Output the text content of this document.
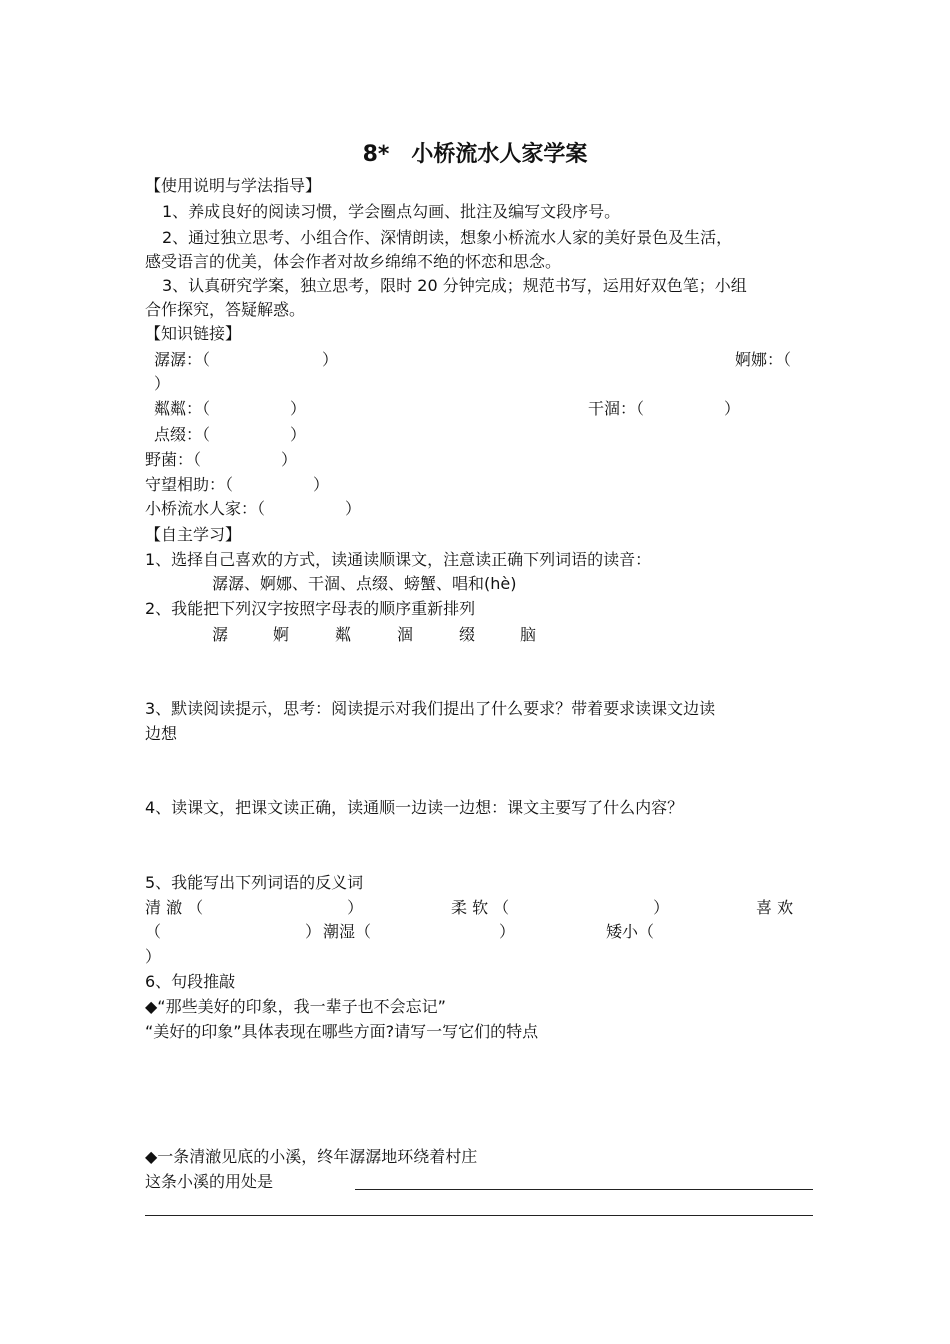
8*　小桥流水人家学案
【使用说明与学法指导】
1、养成良好的阅读习惯，学会圈点勾画、批注及编写文段序号。
2、通过独立思考、小组合作、深情朗读，想象小桥流水人家的美好景色及生活，
感受语言的优美，体会作者对故乡绵绵不绝的怀恋和思念。
3、认真研究学案，独立思考，限时 20 分钟完成；规范书写，运用好双色笔；小组
合作探究，答疑解惑。
【知识链接】
潺潺：（　　　　　　　）	婀娜：（
）
粼粼：（　　　　　）	干涸：（　　　　　）
点缀：（　　　　　）
野菌：（　　　　　）
守望相助：（　　　　　）
小桥流水人家：（　　　　　）
【自主学习】
1、选择自己喜欢的方式，读通读顺课文，注意读正确下列词语的读音：
潺潺、婀娜、干涸、点缀、螃蟹、唱和(hè)
2、我能把下列汉字按照字母表的顺序重新排列
潺	婀	粼	涸	缀	脑
3、默读阅读提示，思考：阅读提示对我们提出了什么要求？带着要求读课文边读
边想
4、读课文，把课文读正确，读通顺一边读一边想：课文主要写了什么内容？
5、我能写出下列词语的反义词
清 澈 （　　　　　　　　　）	柔 软 （　　　　　　　　　）	喜 欢
（　　　　　　　　　） 潮湿（　　　　　　　　）	矮小（
）
6、句段推敲
◆“那些美好的印象，我一辈子也不会忘记”
“美好的印象”具体表现在哪些方面?请写一写它们的特点
◆一条清澈见底的小溪，终年潺潺地环绕着村庄
这条小溪的用处是
